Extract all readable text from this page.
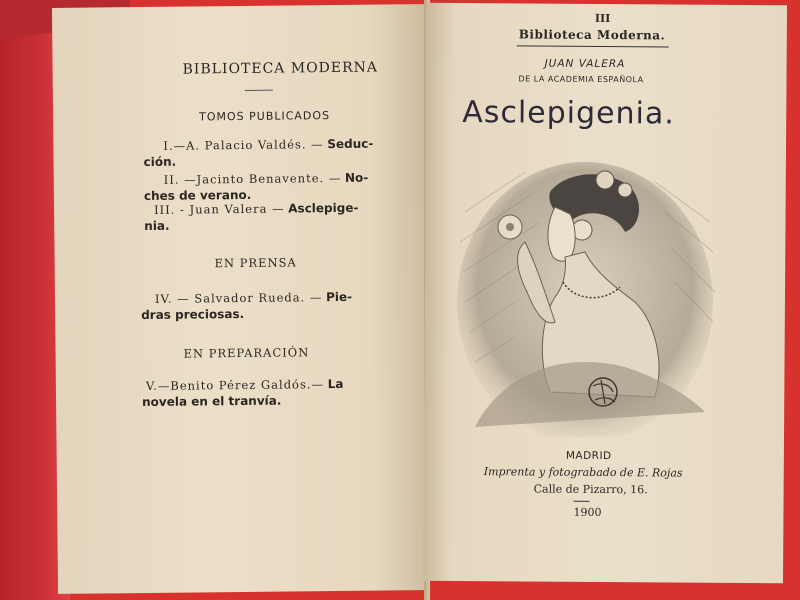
BIBLIOTECA MODERNA
TOMOS PUBLICADOS
I.—A. Palacio Valdés. — Seduc-
ción.
II. —Jacinto Benavente. — No-
ches de verano.
III. - Juan Valera — Asclepige-
nia.
EN PRENSA
IV. — Salvador Rueda. — Pie-
dras preciosas.
EN PREPARACIÓN
V.—Benito Pérez Galdós.— La
novela en el tranvía.
III
Biblioteca Moderna.
JUAN VALERA
DE LA ACADEMIA ESPAÑOLA
Asclepigenia.
MADRID
Imprenta y fotograbado de E. Rojas
Calle de Pizarro, 16.
1900
